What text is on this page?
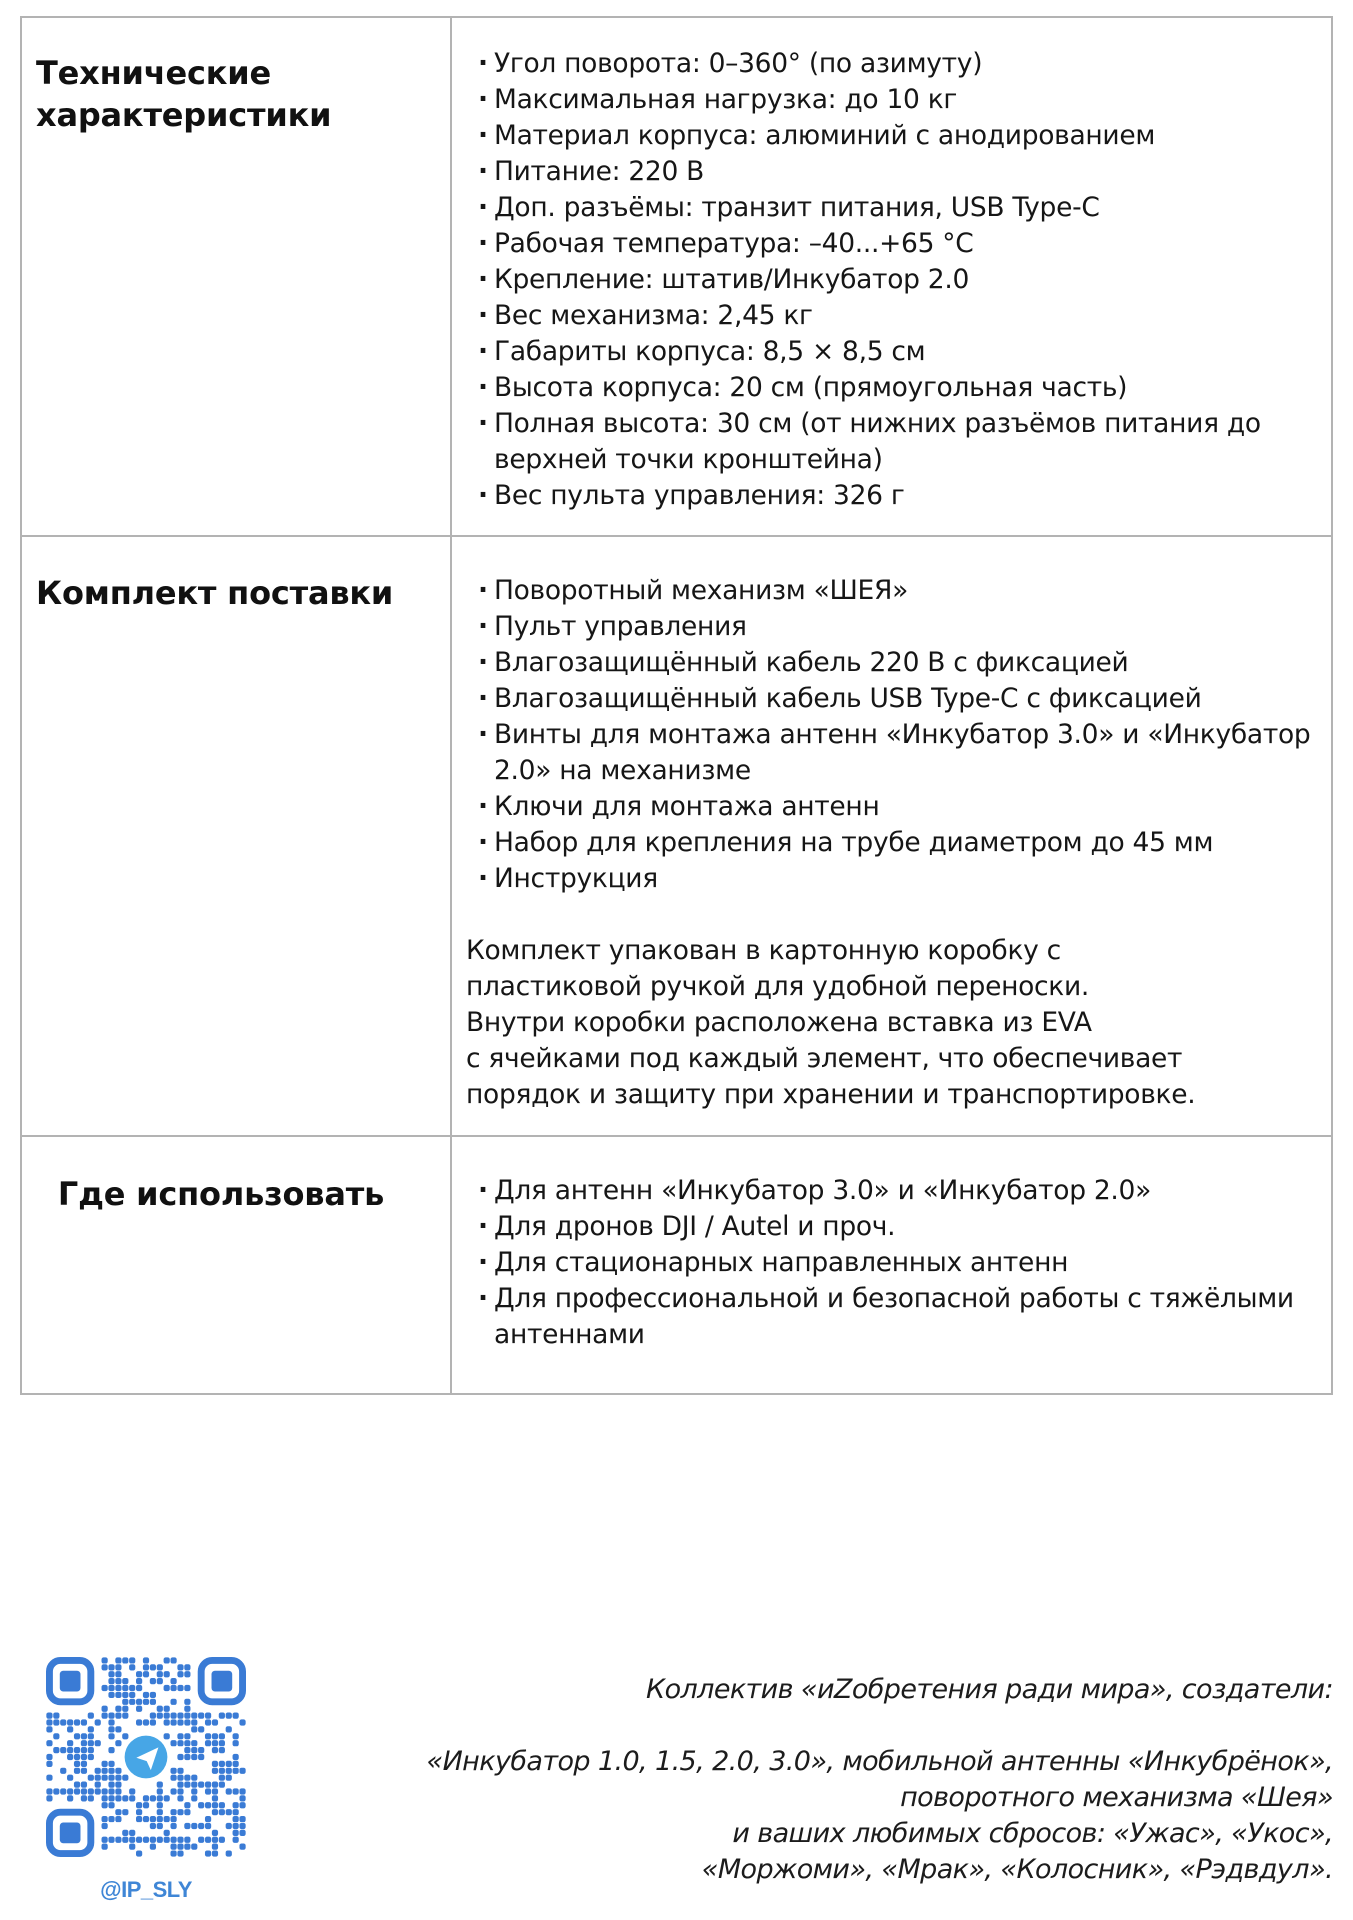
Технические характеристики

· Угол поворота: 0–360° (по азимуту)
· Максимальная нагрузка: до 10 кг
· Материал корпуса: алюминий с анодированием
· Питание: 220 В
· Доп. разъёмы: транзит питания, USB Type-C
· Рабочая температура: –40...+65 °C
· Крепление: штатив/Инкубатор 2.0
· Вес механизма: 2,45 кг
· Габариты корпуса: 8,5 × 8,5 см
· Высота корпуса: 20 см (прямоугольная часть)
· Полная высота: 30 см (от нижних разъёмов питания до верхней точки кронштейна)
· Вес пульта управления: 326 г

Комплект поставки

·Поворотный механизм «ШЕЯ»
· Пульт управления
· Влагозащищённый кабель 220 В с фиксацией
· Влагозащищённый кабель USB Type-C с фиксацией
· Винты для монтажа антенн «Инкубатор 3.0» и «Инкубатор 2.0» на механизме
· Ключи для монтажа антенн
· Набор для крепления на трубе диаметром до 45 мм
· Инструкция
Комплект упакован в картонную коробку с
пластиковой ручкой для удобной переноски.
Внутри коробки расположена вставка из EVA
с ячейками под каждый элемент, что обеспечивает
порядок и защиту при хранении и транспортировке.

Где использовать

·Для антенн «Инкубатор 3.0» и «Инкубатор 2.0»
· Для дронов DJI / Autel и проч.
· Для стационарных направленных антенн
· Для профессиональной и безопасной работы с тяжёлыми антеннами
@IP_SLY
Коллектив «иZобретения ради мира», создатели:
«Инкубатор 1.0, 1.5, 2.0, 3.0», мобильной антенны «Инкубрёнок»,
поворотного механизма «Шея»
и ваших любимых сбросов: «Ужас», «Укос»,
«Моржоми», «Мрак», «Колосник», «Рэдвдул».
